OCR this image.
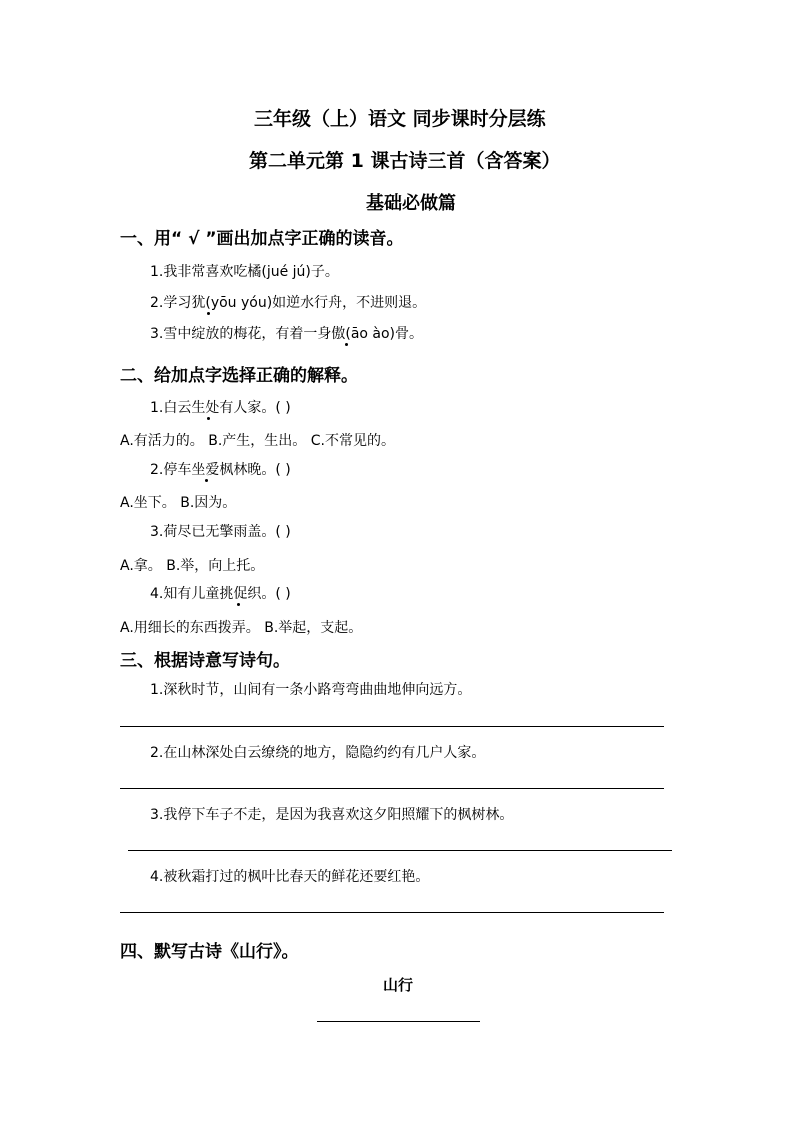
三年级（上）语文 同步课时分层练
第二单元第 1 课古诗三首（含答案）
基础必做篇
一、用“ √ ”画出加点字正确的读音。
1.我非常喜欢吃橘(jué jú)子。
2.学习犹(yōu yóu)如逆水行舟，不进则退。
3.雪中绽放的梅花，有着一身傲(āo ào)骨。
二、给加点字选择正确的解释。
1.白云生处有人家。( )
A.有活力的。 B.产生，生出。 C.不常见的。
2.停车坐爱枫林晚。( )
A.坐下。 B.因为。
3.荷尽已无擎雨盖。( )
A.拿。 B.举，向上托。
4.知有儿童挑促织。( )
A.用细长的东西拨弄。 B.举起，支起。
三、根据诗意写诗句。
1.深秋时节，山间有一条小路弯弯曲曲地伸向远方。
2.在山林深处白云缭绕的地方，隐隐约约有几户人家。
3.我停下车子不走，是因为我喜欢这夕阳照耀下的枫树林。
4.被秋霜打过的枫叶比春天的鲜花还要红艳。
四、默写古诗《山行》。
山行
